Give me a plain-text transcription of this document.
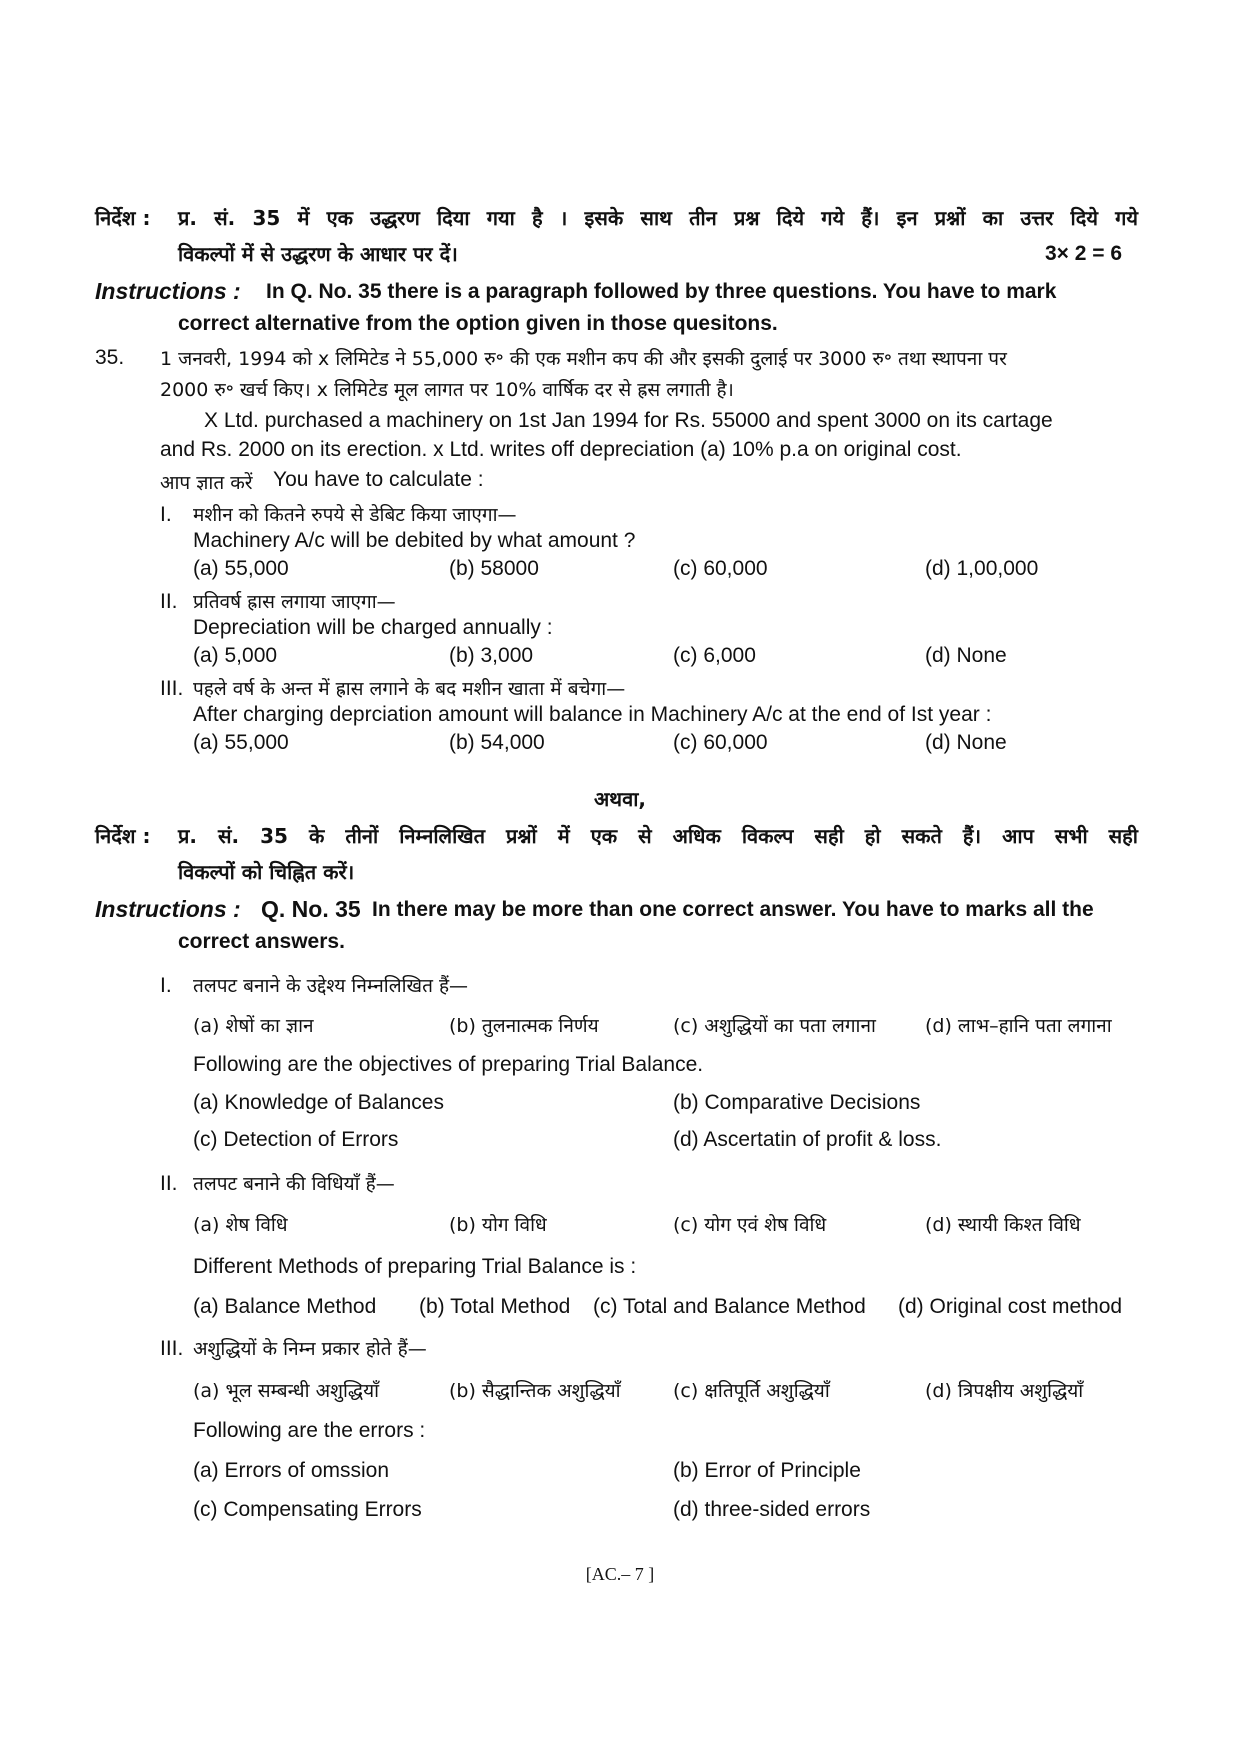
निर्देश : प्र. सं. 35 में एक उद्धरण दिया गया है । इसके साथ तीन प्रश्न दिये गये हैं। इन प्रश्नों का उत्तर दिये गये
विकल्पों में से उद्धरण के आधार पर दें।	3× 2 = 6
Instructions : In Q. No. 35 there is a paragraph followed by three questions. You have to mark
correct alternative from the option given in those quesitons.
35. 1 जनवरी, 1994 को x लिमिटेड ने 55,000 रु॰ की एक मशीन कप की और इसकी दुलाई पर 3000 रु॰ तथा स्थापना पर
2000 रु॰ खर्च किए। x लिमिटेड मूल लागत पर 10% वार्षिक दर से ह्रस लगाती है।
X Ltd. purchased a machinery on 1st Jan 1994 for Rs. 55000 and spent 3000 on its cartage
and Rs. 2000 on its erection. x Ltd. writes off depreciation (a) 10% p.a on original cost.
आप ज्ञात करें You have to calculate :
I. मशीन को कितने रुपये से डेबिट किया जाएगा—
Machinery A/c will be debited by what amount ?
(a) 55,000	(b) 58000	(c) 60,000	(d) 1,00,000
II. प्रतिवर्ष ह्रास लगाया जाएगा—
Depreciation will be charged annually :
(a) 5,000	(b) 3,000	(c) 6,000	(d) None
III. पहले वर्ष के अन्त में ह्रास लगाने के बद मशीन खाता में बचेगा—
After charging deprciation amount will balance in Machinery A/c at the end of Ist year :
(a) 55,000	(b) 54,000	(c) 60,000	(d) None
अथवा,
निर्देश : प्र. सं. 35 के तीनों निम्नलिखित प्रश्नों में एक से अधिक विकल्प सही हो सकते हैं। आप सभी सही
विकल्पों को चिह्नित करें।
Instructions : Q. No. 35 In there may be more than one correct answer. You have to marks all the
correct answers.
I. तलपट बनाने के उद्देश्य निम्नलिखित हैं—
(a) शेषों का ज्ञान	(b) तुलनात्मक निर्णय	(c) अशुद्धियों का पता लगाना	(d) लाभ–हानि पता लगाना
Following are the objectives of preparing Trial Balance.
(a) Knowledge of Balances	(b) Comparative Decisions
(c) Detection of Errors	(d) Ascertatin of profit & loss.
II. तलपट बनाने की विधियाँ हैं—
(a) शेष विधि	(b) योग विधि	(c) योग एवं शेष विधि	(d) स्थायी किश्त विधि
Different Methods of preparing Trial Balance is :
(a) Balance Method (b) Total Method (c) Total and Balance Method (d) Original cost method
III. अशुद्धियों के निम्न प्रकार होते हैं—
(a) भूल सम्बन्धी अशुद्धियाँ	(b) सैद्धान्तिक अशुद्धियाँ	(c) क्षतिपूर्ति अशुद्धियाँ	(d) त्रिपक्षीय अशुद्धियाँ
Following are the errors :
(a) Errors of omssion	(b) Error of Principle
(c) Compensating Errors	(d) three-sided errors
[AC.– 7 ]
